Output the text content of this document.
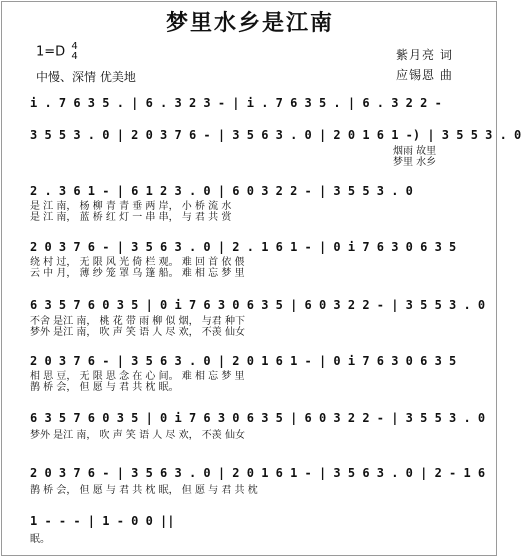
梦里水乡是江南
1=D 4
4
中慢、深情 优美地
紫月亮 词
应锡恩 曲
i . 7 6 3 5 . | 6 . 3 2 3 - | i . 7 6 3 5 . | 6 . 3 2 2 -
3 5 5 3 . 0 | 2 0 3 7 6 - | 3 5 6 3 . 0 | 2 0 1 6 1 -) | 3 5 5 3 . 0
烟雨 故里
梦里 水乡
2 . 3 6 1 - | 6 1 2 3 . 0 | 6 0 3 2 2 - | 3 5 5 3 . 0
是 江 南， 杨 柳 青 青 垂 两 岸， 小 桥 流 水
是 江 南， 蓝 桥 红 灯 一 串 串， 与 君 共 赏
2 0 3 7 6 - | 3 5 6 3 . 0 | 2 . 1 6 1 - | 0 i 7 6 3 0 6 3 5
绕 村 过， 无 限 风 光 倚 栏 观。 难 回 首 依 偎
云 中 月， 薄 纱 笼 罩 乌 篷 船。 难 相 忘 梦 里
6 3 5 7 6 0 3 5 | 0 i 7 6 3 0 6 3 5 | 6 0 3 2 2 - | 3 5 5 3 . 0
不舍 是江 南， 桃 花 带 雨 柳 似 烟， 与君 种下
梦外 是江 南， 吹 声 笑 语 人 尽 欢， 不羡 仙女
2 0 3 7 6 - | 3 5 6 3 . 0 | 2 0 1 6 1 - | 0 i 7 6 3 0 6 3 5
相 思 豆， 无 限 思 念 在 心 间。 难 相 忘 梦 里
鹊 桥 会， 但 愿 与 君 共 枕 眠。
6 3 5 7 6 0 3 5 | 0 i 7 6 3 0 6 3 5 | 6 0 3 2 2 - | 3 5 5 3 . 0
梦外 是江 南， 吹 声 笑 语 人 尽 欢， 不羡 仙女
2 0 3 7 6 - | 3 5 6 3 . 0 | 2 0 1 6 1 - | 3 5 6 3 . 0 | 2 - 1 6
鹊 桥 会， 但 愿 与 君 共 枕 眠， 但 愿 与 君 共 枕
1 - - - | 1 - 0 0 ||
眠。
